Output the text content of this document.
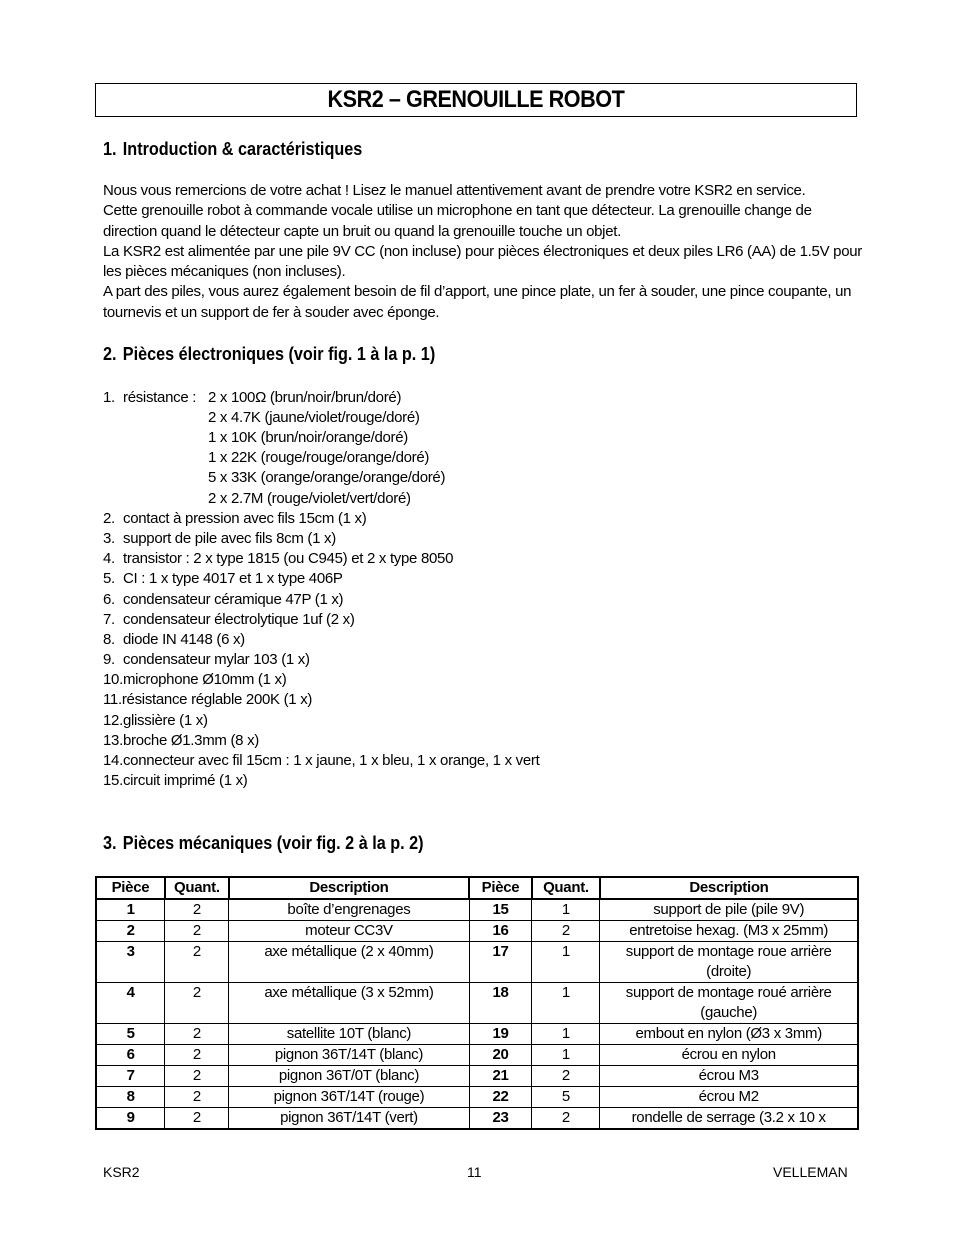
KSR2 – GRENOUILLE ROBOT
1. Introduction & caractéristiques

Nous vous remercions de votre achat ! Lisez le manuel attentivement avant de prendre votre KSR2 en service.

Cette grenouille robot à commande vocale utilise un microphone en tant que détecteur. La grenouille change de direction quand le détecteur capte un bruit ou quand la grenouille touche un objet.

La KSR2 est alimentée par une pile 9V CC (non incluse) pour pièces électroniques et deux piles LR6 (AA) de 1.5V pour les pièces mécaniques (non incluses).

A part des piles, vous aurez également besoin de fil d’apport, une pince plate, un fer à souder, une pince coupante, un tournevis et un support de fer à souder avec éponge.

2. Pièces électroniques (voir fig. 1 à la p. 1)
1. résistance : 2 x 100Ω (brun/noir/brun/doré)
2 x 4.7K (jaune/violet/rouge/doré)
1 x 10K (brun/noir/orange/doré)
1 x 22K (rouge/rouge/orange/doré)
5 x 33K (orange/orange/orange/doré)
2 x 2.7M (rouge/violet/vert/doré)
2. contact à pression avec fils 15cm (1 x)
3. support de pile avec fils 8cm (1 x)
4. transistor : 2 x type 1815 (ou C945) et 2 x type 8050
5. CI : 1 x type 4017 et 1 x type 406P
6. condensateur céramique 47P (1 x)
7. condensateur électrolytique 1uf (2 x)
8. diode IN 4148 (6 x)
9. condensateur mylar 103 (1 x)
10.microphone Ø10mm (1 x)
11.résistance réglable 200K (1 x)
12.glissière (1 x)
13.broche Ø1.3mm (8 x)
14.connecteur avec fil 15cm : 1 x jaune, 1 x bleu, 1 x orange, 1 x vert
15.circuit imprimé (1 x)
3. Pièces mécaniques (voir fig. 2 à la p. 2)
Pièce	Quant.	Description	Pièce	Quant.	Description
1	2	boîte d’engrenages	15	1	support de pile (pile 9V)
2	2	moteur CC3V	16	2	entretoise hexag. (M3 x 25mm)
3	2	axe métallique (2 x 40mm)	17	1	support de montage roue arrière (droite)
4	2	axe métallique (3 x 52mm)	18	1	support de montage roué arrière (gauche)
5	2	satellite 10T (blanc)	19	1	embout en nylon (Ø3 x 3mm)
6	2	pignon 36T/14T (blanc)	20	1	écrou en nylon
7	2	pignon 36T/0T (blanc)	21	2	écrou M3
8	2	pignon 36T/14T (rouge)	22	5	écrou M2
9	2	pignon 36T/14T (vert)	23	2	rondelle de serrage (3.2 x 10 x
KSR2	11	VELLEMAN
